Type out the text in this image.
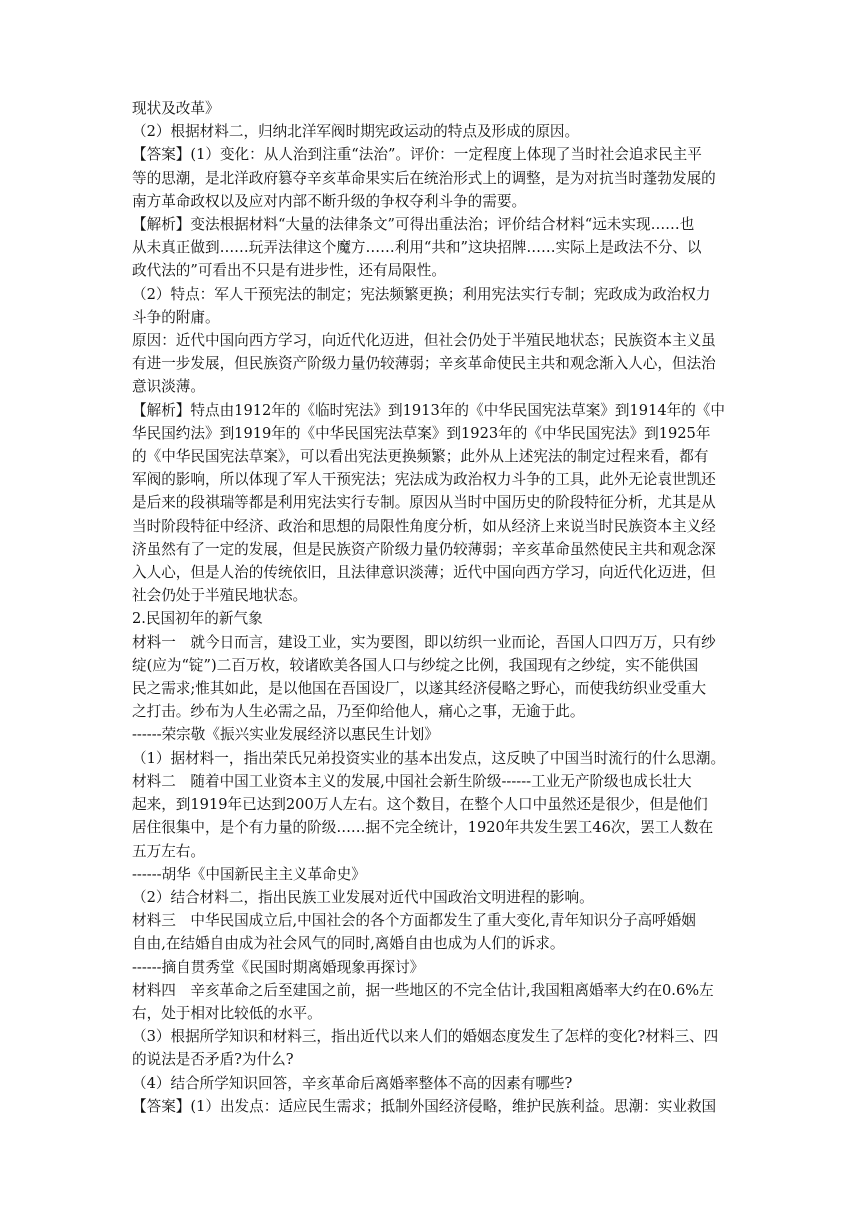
现状及改革》

（2）根据材料二，归纳北洋军阀时期宪政运动的特点及形成的原因。

【答案】(1）变化：从人治到注重“法治”。评价：一定程度上体现了当时社会追求民主平

等的思潮，是北洋政府篡夺辛亥革命果实后在统治形式上的调整，是为对抗当时蓬勃发展的

南方革命政权以及应对内部不断升级的争权夺利斗争的需要。

【解析】变法根据材料“大量的法律条文”可得出重法治；评价结合材料“远未实现……也

从未真正做到……玩弄法律这个魔方……利用“共和”这块招牌……实际上是政法不分、以

政代法的”可看出不只是有进步性，还有局限性。

（2）特点：军人干预宪法的制定；宪法频繁更换；利用宪法实行专制；宪政成为政治权力

斗争的附庸。

原因：近代中国向西方学习，向近代化迈进，但社会仍处于半殖民地状态；民族资本主义虽

有进一步发展，但民族资产阶级力量仍较薄弱；辛亥革命使民主共和观念渐入人心，但法治

意识淡薄。

【解析】特点由1912年的《临时宪法》到1913年的《中华民国宪法草案》到1914年的《中

华民国约法》到1919年的《中华民国宪法草案》到1923年的《中华民国宪法》到1925年

的《中华民国宪法草案》，可以看出宪法更换频繁；此外从上述宪法的制定过程来看，都有

军阀的影响，所以体现了军人干预宪法；宪法成为政治权力斗争的工具，此外无论袁世凯还

是后来的段祺瑞等都是利用宪法实行专制。原因从当时中国历史的阶段特征分析，尤其是从

当时阶段特征中经济、政治和思想的局限性角度分析，如从经济上来说当时民族资本主义经

济虽然有了一定的发展，但是民族资产阶级力量仍较薄弱；辛亥革命虽然使民主共和观念深

入人心，但是人治的传统依旧，且法律意识淡薄；近代中国向西方学习，向近代化迈进，但

社会仍处于半殖民地状态。

2.民国初年的新气象

材料一　就今日而言，建设工业，实为要图，即以纺织一业而论，吾国人口四万万，只有纱

绽(应为“锭”)二百万枚，较诸欧美各国人口与纱绽之比例，我国现有之纱绽，实不能供国

民之需求;惟其如此，是以他国在吾国设厂，以遂其经济侵略之野心，而使我纺织业受重大

之打击。纱布为人生必需之品，乃至仰给他人，痛心之事，无逾于此。

------荣宗敬《振兴实业发展经济以惠民生计划》

（1）据材料一，指出荣氏兄弟投资实业的基本出发点，这反映了中国当时流行的什么思潮。

材料二　随着中国工业资本主义的发展,中国社会新生阶级------工业无产阶级也成长壮大

起来，到1919年已达到200万人左右。这个数目，在整个人口中虽然还是很少，但是他们

居住很集中，是个有力量的阶级……据不完全统计，1920年共发生罢工46次，罢工人数在

五万左右。

------胡华《中国新民主主义革命史》

（2）结合材料二，指出民族工业发展对近代中国政治文明进程的影响。

材料三　中华民国成立后,中国社会的各个方面都发生了重大变化,青年知识分子高呼婚姻

自由,在结婚自由成为社会风气的同时,离婚自由也成为人们的诉求。

------摘自贯秀堂《民国时期离婚现象再探讨》

材料四　辛亥革命之后至建国之前，据一些地区的不完全估计,我国粗离婚率大约在0.6%左

右，处于相对比较低的水平。

（3）根据所学知识和材料三，指出近代以来人们的婚姻态度发生了怎样的变化?材料三、四

的说法是否矛盾?为什么?

（4）结合所学知识回答，辛亥革命后离婚率整体不高的因素有哪些?

【答案】(1）出发点：适应民生需求；抵制外国经济侵略，维护民族利益。思潮：实业救国
